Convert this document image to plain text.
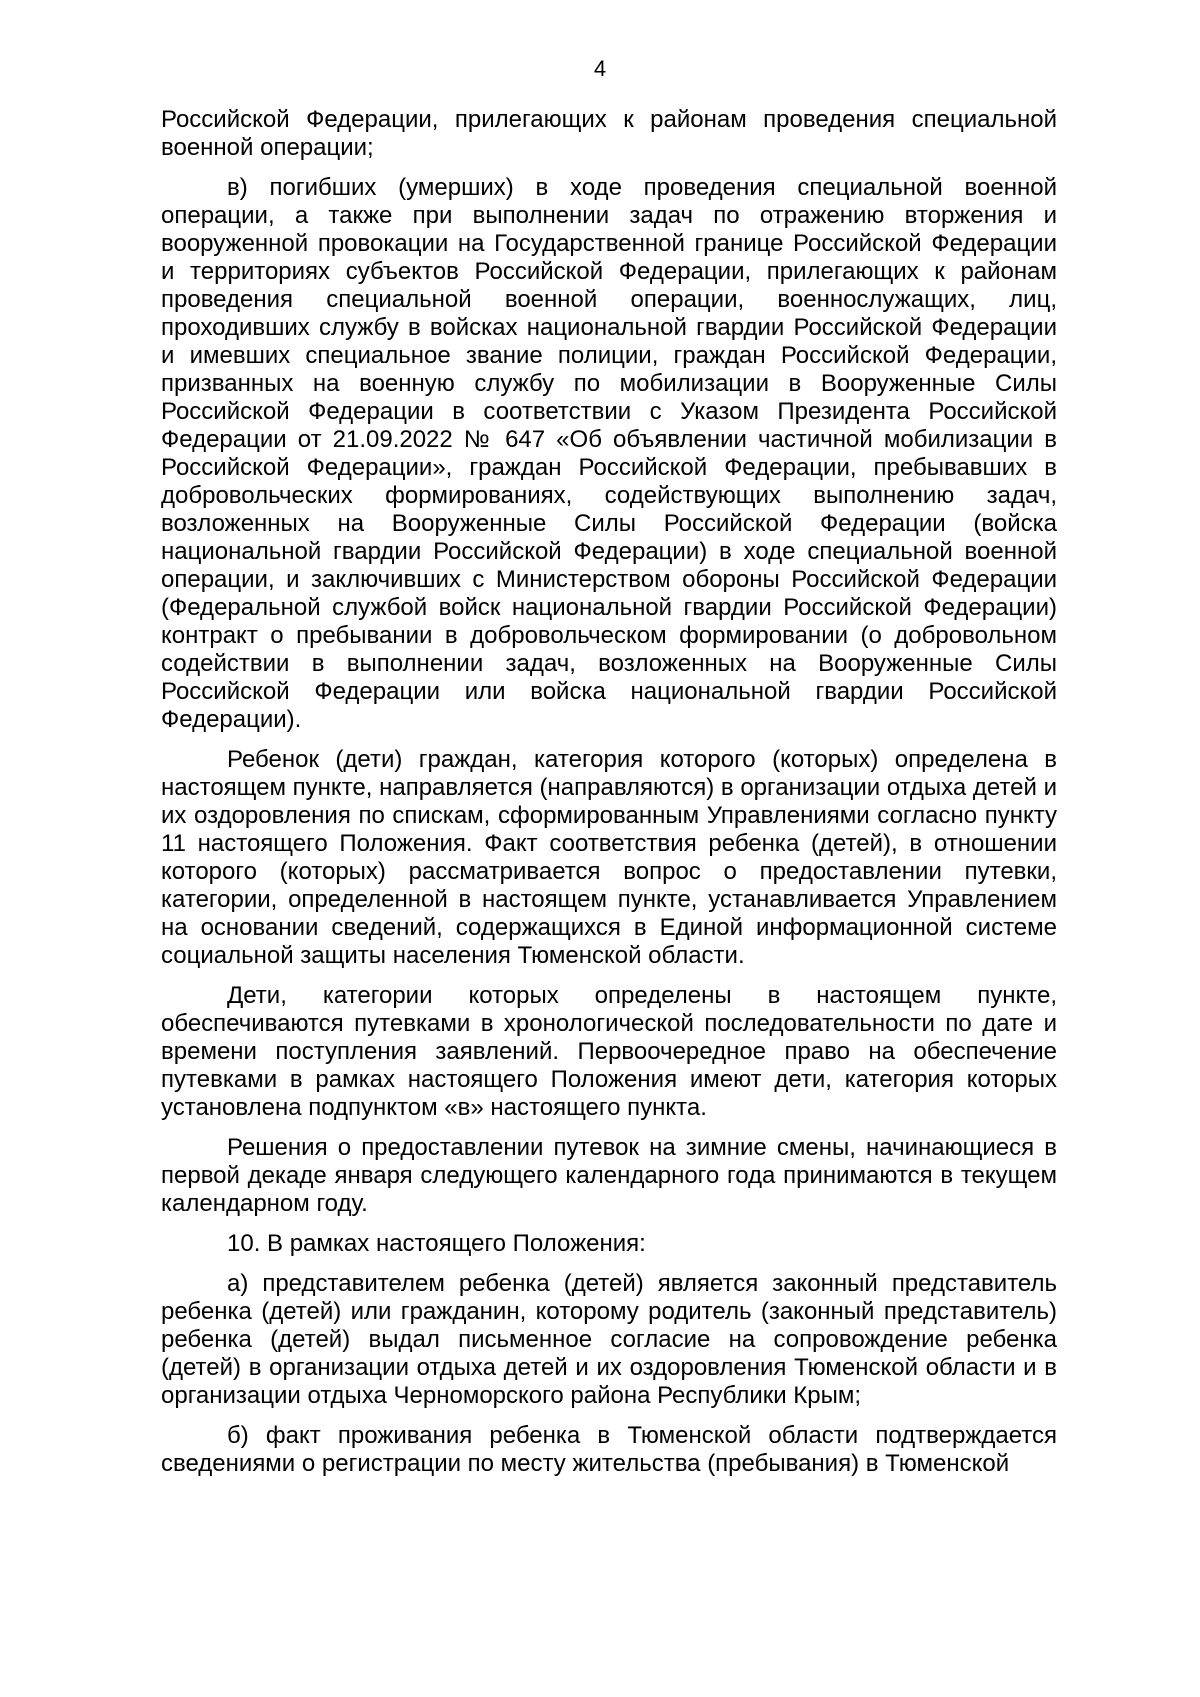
4

Российской Федерации, прилегающих к районам проведения специальной военной операции;

в) погибших (умерших) в ходе проведения специальной военной операции, а также при выполнении задач по отражению вторжения и вооруженной провокации на Государственной границе Российской Федерации и территориях субъектов Российской Федерации, прилегающих к районам проведения специальной военной операции, военнослужащих, лиц, проходивших службу в войсках национальной гвардии Российской Федерации и имевших специальное звание полиции, граждан Российской Федерации, призванных на военную службу по мобилизации в Вооруженные Силы Российской Федерации в соответствии с Указом Президента Российской Федерации от 21.09.2022 № 647 «Об объявлении частичной мобилизации в Российской Федерации», граждан Российской Федерации, пребывавших в добровольческих формированиях, содействующих выполнению задач, возложенных на Вооруженные Силы Российской Федерации (войска национальной гвардии Российской Федерации) в ходе специальной военной операции, и заключивших с Министерством обороны Российской Федерации (Федеральной службой войск национальной гвардии Российской Федерации) контракт о пребывании в добровольческом формировании (о добровольном содействии в выполнении задач, возложенных на Вооруженные Силы Российской Федерации или войска национальной гвардии Российской Федерации).

Ребенок (дети) граждан, категория которого (которых) определена в настоящем пункте, направляется (направляются) в организации отдыха детей и их оздоровления по спискам, сформированным Управлениями согласно пункту 11 настоящего Положения. Факт соответствия ребенка (детей), в отношении которого (которых) рассматривается вопрос о предоставлении путевки, категории, определенной в настоящем пункте, устанавливается Управлением на основании сведений, содержащихся в Единой информационной системе социальной защиты населения Тюменской области.

Дети, категории которых определены в настоящем пункте, обеспечиваются путевками в хронологической последовательности по дате и времени поступления заявлений. Первоочередное право на обеспечение путевками в рамках настоящего Положения имеют дети, категория которых установлена подпунктом «в» настоящего пункта.

Решения о предоставлении путевок на зимние смены, начинающиеся в первой декаде января следующего календарного года принимаются в текущем календарном году.

10. В рамках настоящего Положения:

а) представителем ребенка (детей) является законный представитель ребенка (детей) или гражданин, которому родитель (законный представитель) ребенка (детей) выдал письменное согласие на сопровождение ребенка (детей) в организации отдыха детей и их оздоровления Тюменской области и в организации отдыха Черноморского района Республики Крым;

б) факт проживания ребенка в Тюменской области подтверждается сведениями о регистрации по месту жительства (пребывания) в Тюменской
